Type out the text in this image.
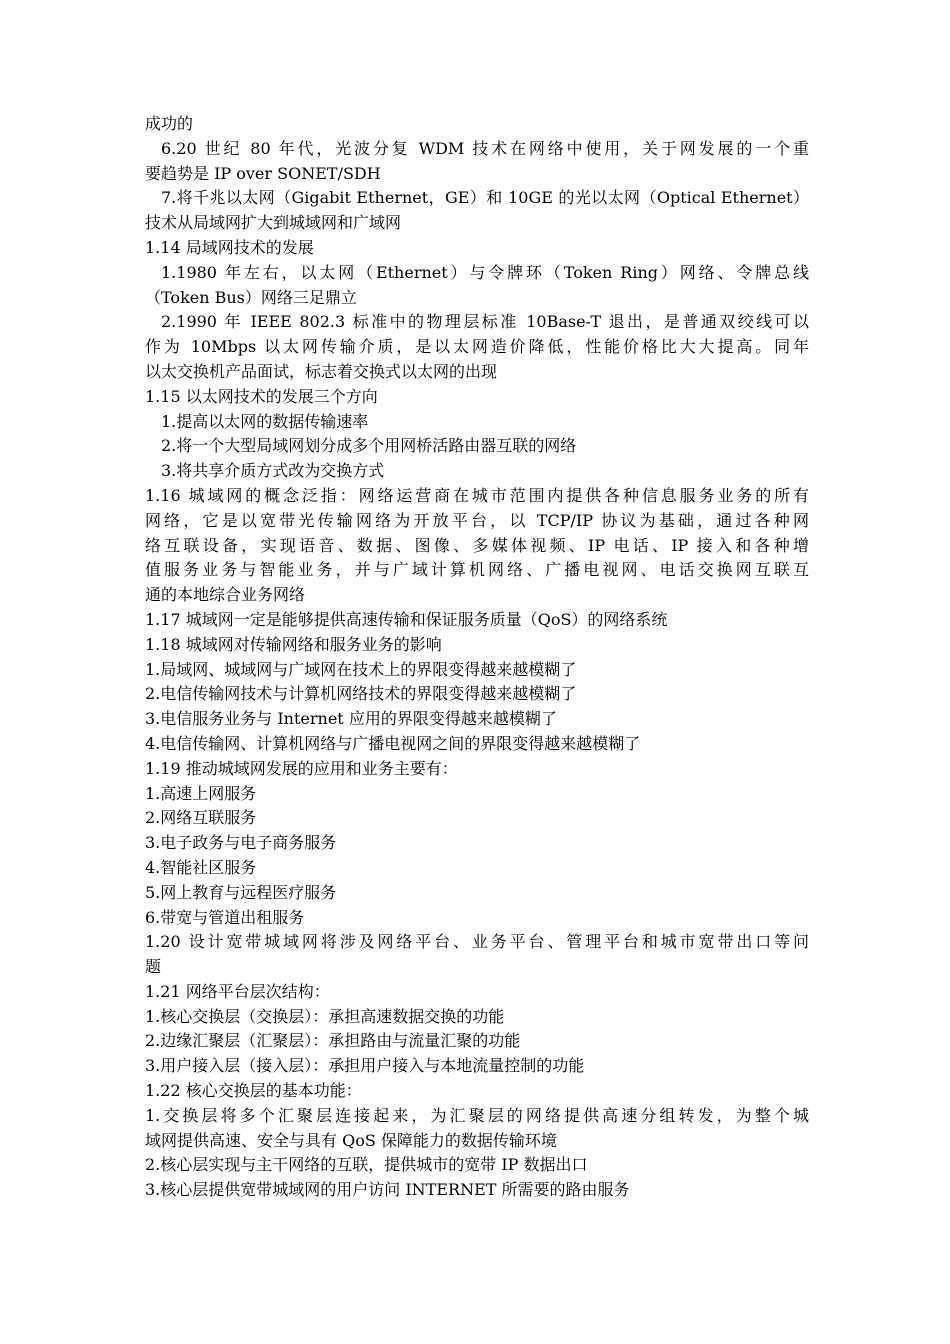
成功的
6.20 世纪 80 年代，光波分复 WDM 技术在网络中使用，关于网发展的一个重
要趋势是 IP over SONET/SDH
7.将千兆以太网（Gigabit Ethernet，GE）和 10GE 的光以太网（Optical Ethernet）
技术从局域网扩大到城域网和广域网
1.14 局域网技术的发展
1.1980 年左右，以太网（Ethernet）与令牌环（Token Ring）网络、令牌总线
（Token Bus）网络三足鼎立
2.1990 年 IEEE 802.3 标准中的物理层标准 10Base-T 退出，是普通双绞线可以
作为 10Mbps 以太网传输介质，是以太网造价降低，性能价格比大大提高。同年
以太交换机产品面试，标志着交换式以太网的出现
1.15 以太网技术的发展三个方向
1.提高以太网的数据传输速率
2.将一个大型局域网划分成多个用网桥活路由器互联的网络
3.将共享介质方式改为交换方式
1.16 城域网的概念泛指：网络运营商在城市范围内提供各种信息服务业务的所有
网络，它是以宽带光传输网络为开放平台，以 TCP/IP 协议为基础，通过各种网
络互联设备，实现语音、数据、图像、多媒体视频、IP 电话、IP 接入和各种增
值服务业务与智能业务，并与广域计算机网络、广播电视网、电话交换网互联互
通的本地综合业务网络
1.17 城域网一定是能够提供高速传输和保证服务质量（QoS）的网络系统
1.18 城域网对传输网络和服务业务的影响
1.局域网、城域网与广域网在技术上的界限变得越来越模糊了
2.电信传输网技术与计算机网络技术的界限变得越来越模糊了
3.电信服务业务与 Internet 应用的界限变得越来越模糊了
4.电信传输网、计算机网络与广播电视网之间的界限变得越来越模糊了
1.19 推动城域网发展的应用和业务主要有：
1.高速上网服务
2.网络互联服务
3.电子政务与电子商务服务
4.智能社区服务
5.网上教育与远程医疗服务
6.带宽与管道出租服务
1.20 设计宽带城域网将涉及网络平台、业务平台、管理平台和城市宽带出口等问
题
1.21 网络平台层次结构：
1.核心交换层（交换层）：承担高速数据交换的功能
2.边缘汇聚层（汇聚层）：承担路由与流量汇聚的功能
3.用户接入层（接入层）：承担用户接入与本地流量控制的功能
1.22 核心交换层的基本功能：
1.交换层将多个汇聚层连接起来，为汇聚层的网络提供高速分组转发，为整个城
域网提供高速、安全与具有 QoS 保障能力的数据传输环境
2.核心层实现与主干网络的互联，提供城市的宽带 IP 数据出口
3.核心层提供宽带城域网的用户访问 INTERNET 所需要的路由服务
